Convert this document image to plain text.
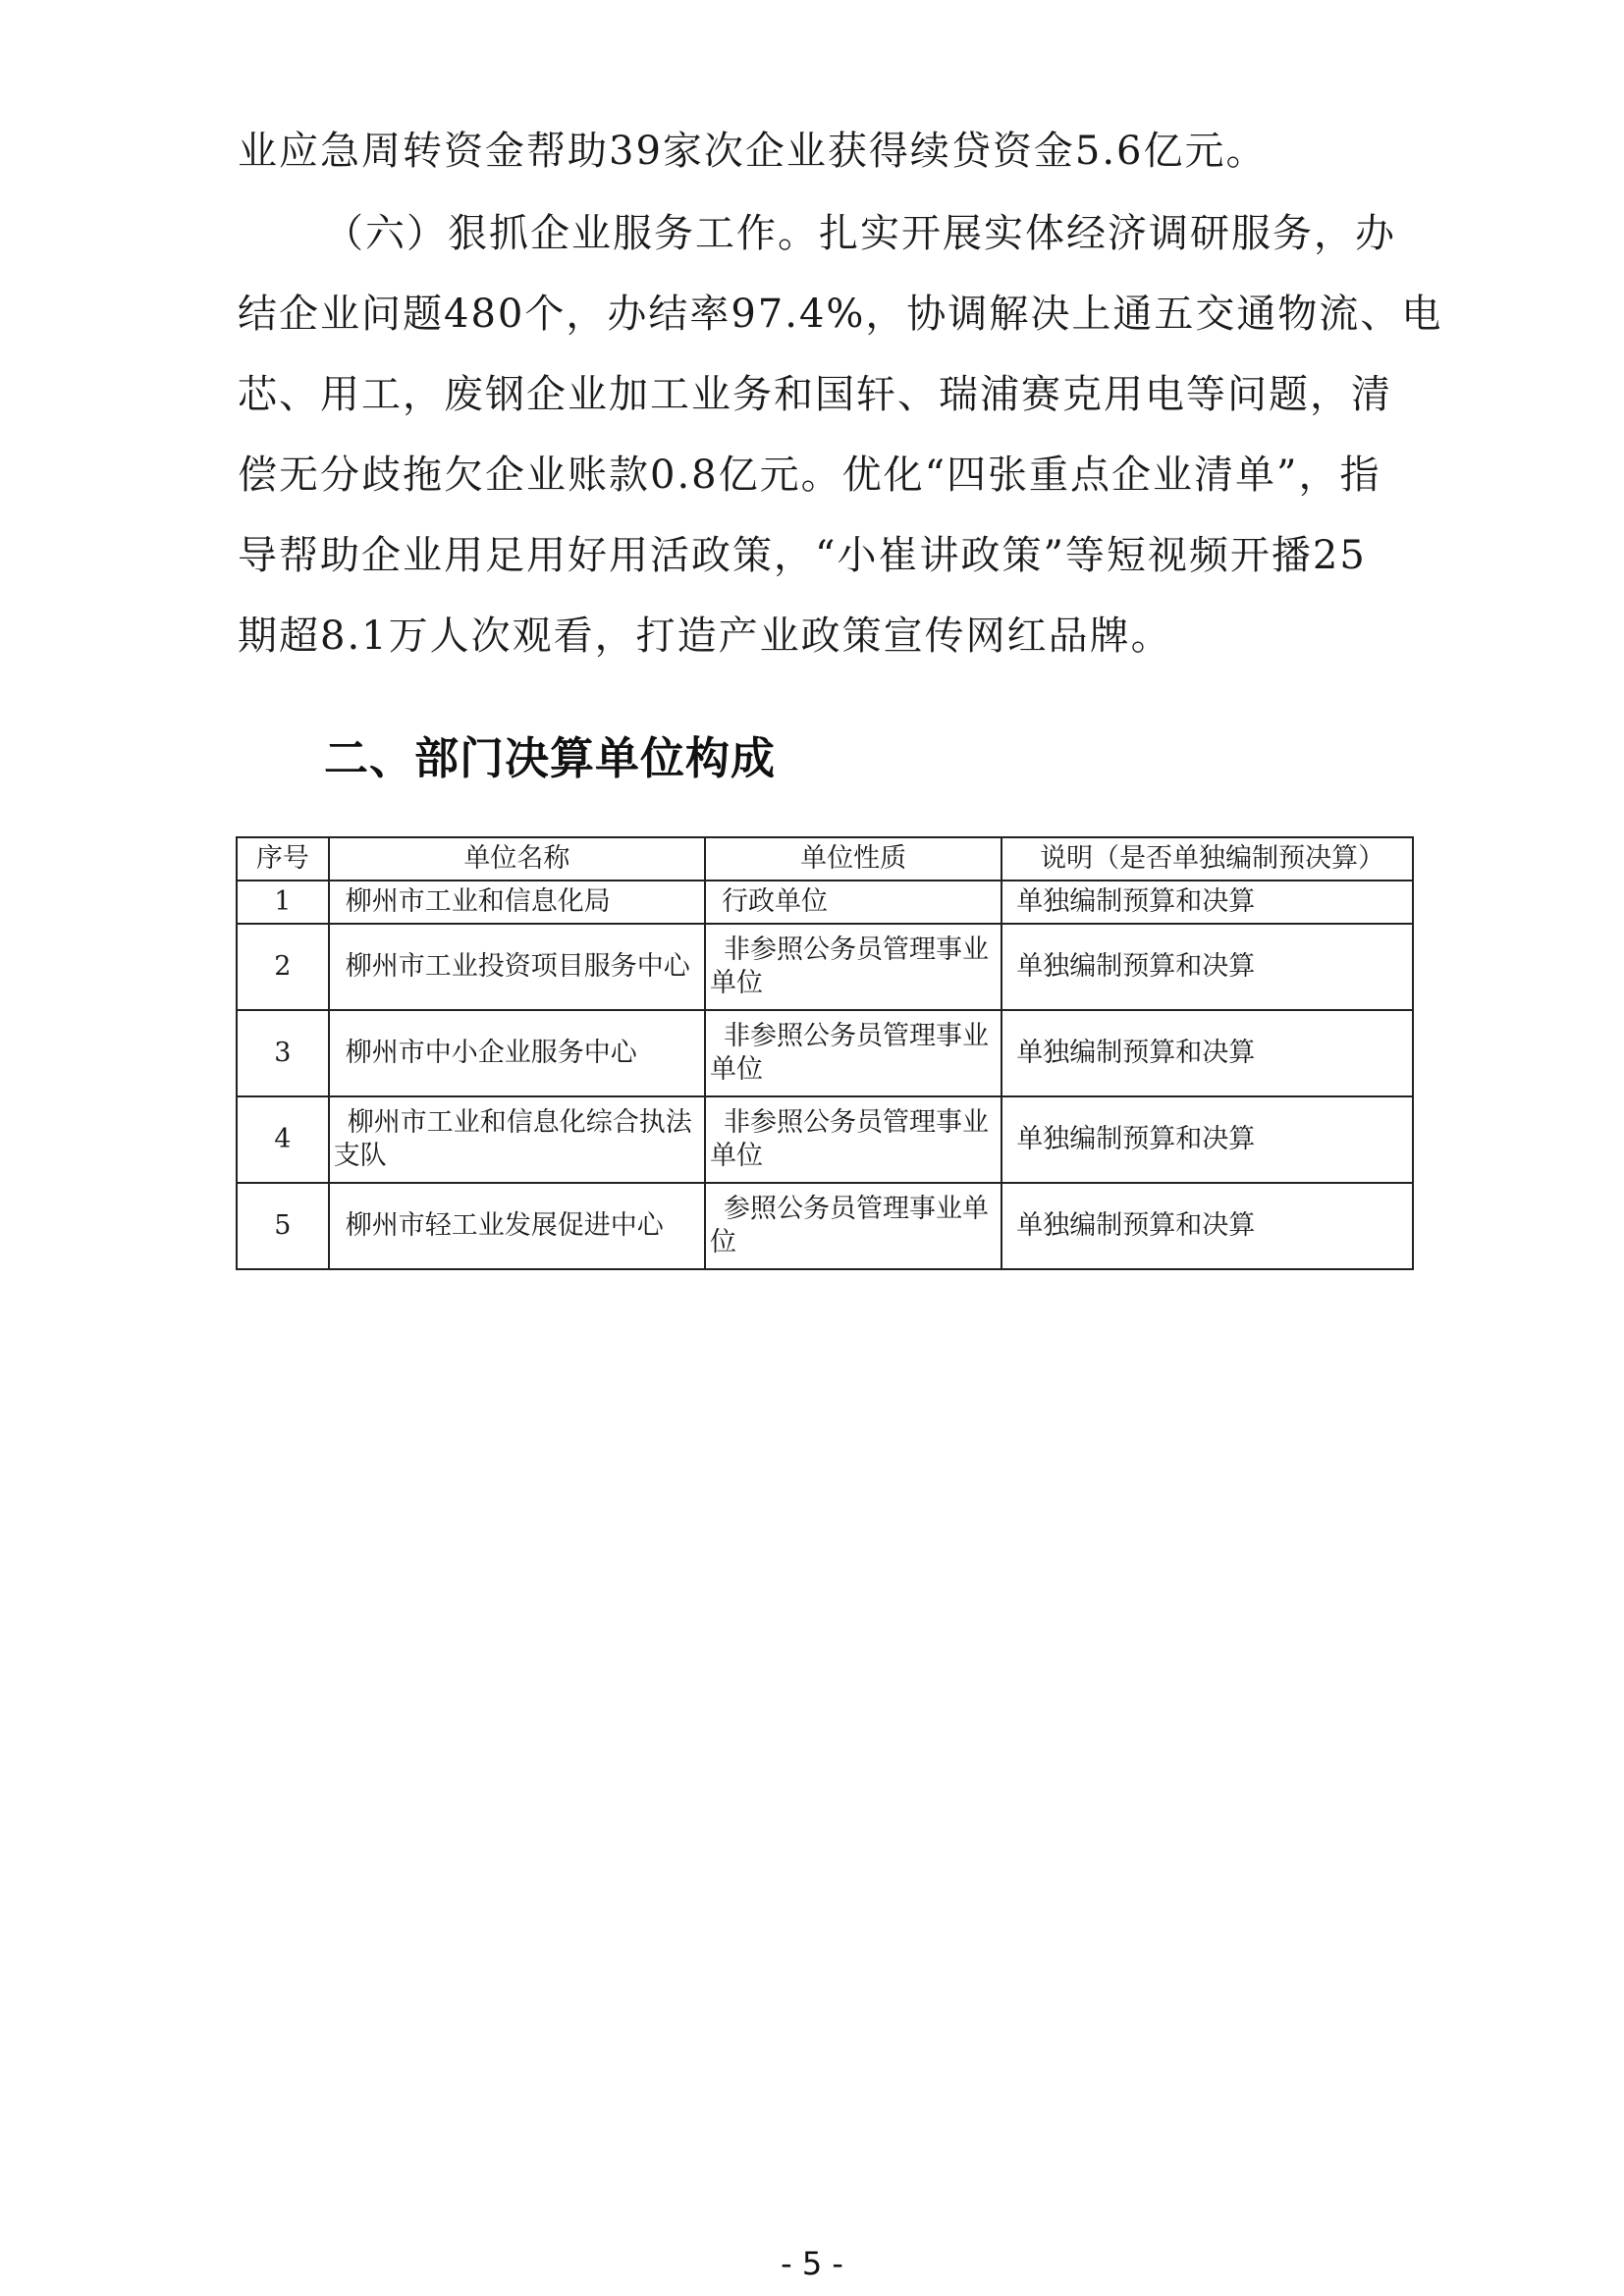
业应急周转资金帮助39家次企业获得续贷资金5.6亿元。
（六）狠抓企业服务工作。扎实开展实体经济调研服务，办
结企业问题480个，办结率97.4%，协调解决上通五交通物流、电
芯、用工，废钢企业加工业务和国轩、瑞浦赛克用电等问题，清
偿无分歧拖欠企业账款0.8亿元。优化“四张重点企业清单”，指
导帮助企业用足用好用活政策，“小崔讲政策”等短视频开播25
期超8.1万人次观看，打造产业政策宣传网红品牌。
二、部门决算单位构成
序号	单位名称	单位性质	说明（是否单独编制预决算）
1	柳州市工业和信息化局	行政单位	单独编制预算和决算
2	柳州市工业投资项目服务中心	非参照公务员管理事业单位	单独编制预算和决算
3	柳州市中小企业服务中心	非参照公务员管理事业单位	单独编制预算和决算
4	柳州市工业和信息化综合执法支队	非参照公务员管理事业单位	单独编制预算和决算
5	柳州市轻工业发展促进中心	参照公务员管理事业单位	单独编制预算和决算
- 5 -
